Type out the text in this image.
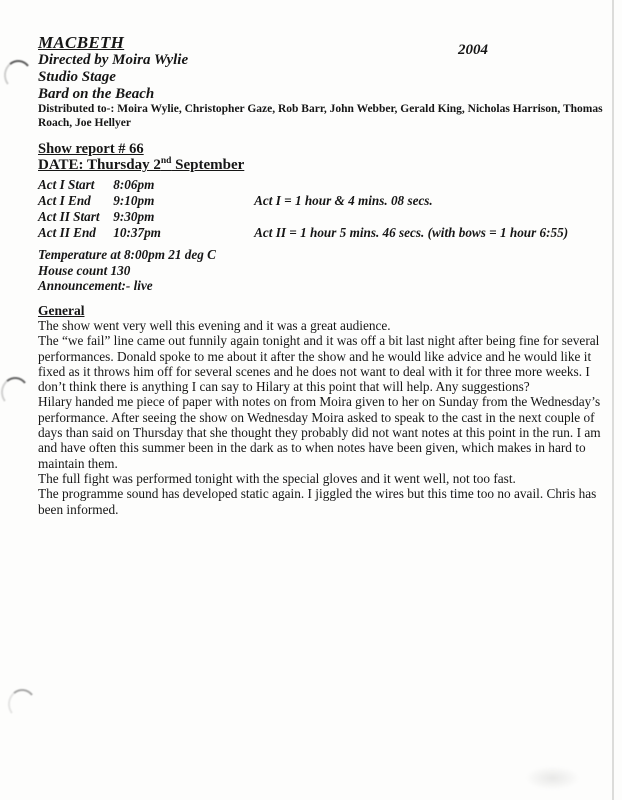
MACBETH	2004
Directed by Moira Wylie
Studio Stage
Bard on the Beach
Distributed to-: Moira Wylie, Christopher Gaze, Rob Barr, John Webber, Gerald King, Nicholas Harrison, Thomas
Roach, Joe Hellyer
Show report # 66
DATE: Thursday 2nd September
Act I Start 8:06pm
Act I End 9:10pm	Act I = 1 hour & 4 mins. 08 secs.
Act II Start 9:30pm
Act II End 10:37pm	Act II = 1 hour 5 mins. 46 secs. (with bows = 1 hour 6:55)
Temperature at 8:00pm 21 deg C
House count 130
Announcement:- live
General
The show went very well this evening and it was a great audience.
The “we fail” line came out funnily again tonight and it was off a bit last night after being fine for several
performances. Donald spoke to me about it after the show and he would like advice and he would like it
fixed as it throws him off for several scenes and he does not want to deal with it for three more weeks. I
don’t think there is anything I can say to Hilary at this point that will help. Any suggestions?
Hilary handed me piece of paper with notes on from Moira given to her on Sunday from the Wednesday’s
performance. After seeing the show on Wednesday Moira asked to speak to the cast in the next couple of
days than said on Thursday that she thought they probably did not want notes at this point in the run. I am
and have often this summer been in the dark as to when notes have been given, which makes in hard to
maintain them.
The full fight was performed tonight with the special gloves and it went well, not too fast.
The programme sound has developed static again. I jiggled the wires but this time too no avail. Chris has
been informed.
